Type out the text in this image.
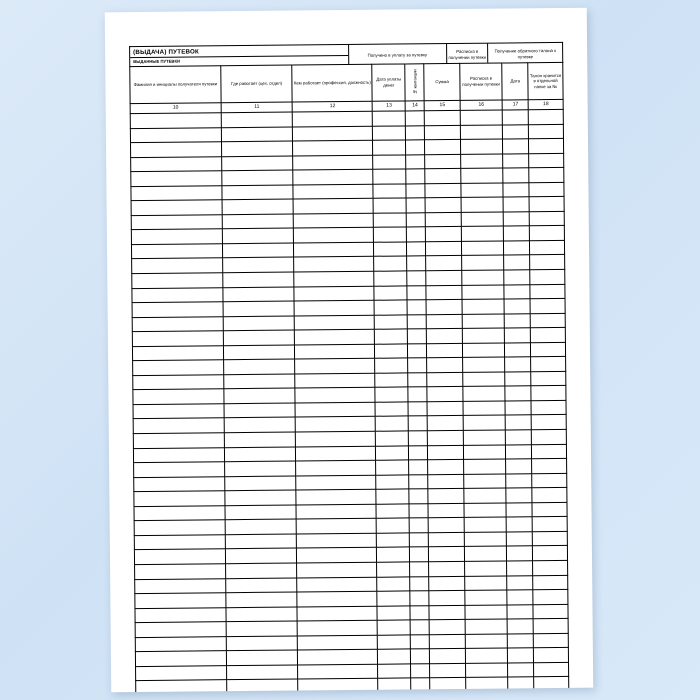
(ВЫДАЧА) ПУТЕВОК
ВЫДАННЫЕ ПУТЕВКИ
Получено в уплату за путевку
Расписка в получении путевки
Получение обратного талона к путевке
Фамилия и инициалы получателя путевки	Где работает (цех, отдел)	Кем работает (профессия, должность)	Дата уплаты денег	№ квитанции	Сумма	Расписка в получении путевки	Дата	Талон хранится в отдельной папке за №
10	11	12	13	14	15	16	17	18
